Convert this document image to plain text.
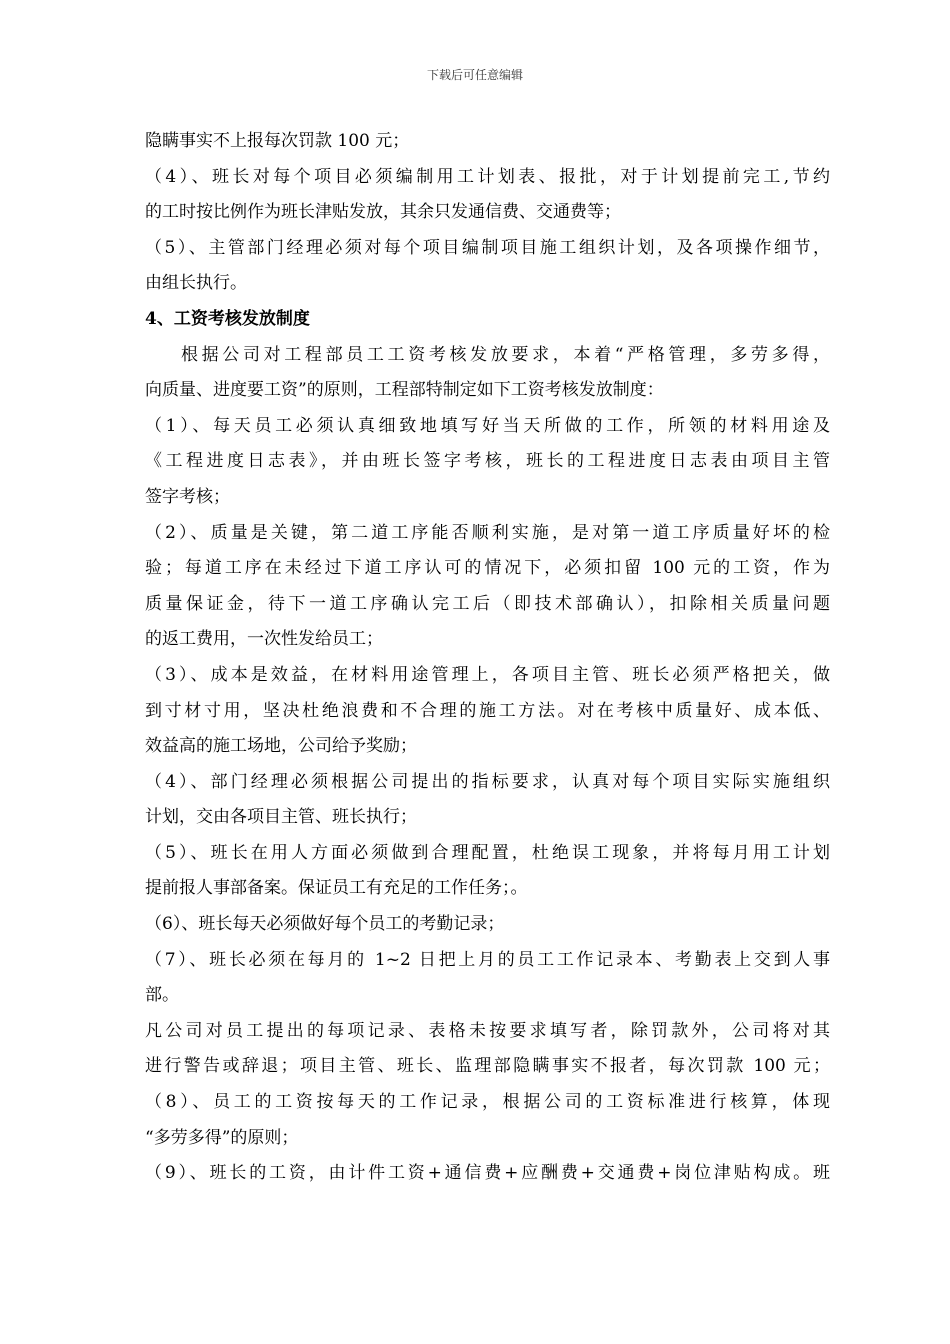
下载后可任意编辑
隐瞒事实不上报每次罚款 100 元；
（4）、班长对每个项目必须编制用工计划表、报批，对于计划提前完工,节约
的工时按比例作为班长津贴发放，其余只发通信费、交通费等；
（5）、主管部门经理必须对每个项目编制项目施工组织计划，及各项操作细节，
由组长执行。
4、工资考核发放制度
根据公司对工程部员工工资考核发放要求，本着“严格管理，多劳多得，
向质量、进度要工资”的原则，工程部特制定如下工资考核发放制度：
（1）、每天员工必须认真细致地填写好当天所做的工作，所领的材料用途及
《工程进度日志表》，并由班长签字考核，班长的工程进度日志表由项目主管
签字考核；
（2）、质量是关键，第二道工序能否顺利实施，是对第一道工序质量好坏的检
验；每道工序在未经过下道工序认可的情况下，必须扣留 100 元的工资，作为
质量保证金，待下一道工序确认完工后（即技术部确认），扣除相关质量问题
的返工费用，一次性发给员工；
（3）、成本是效益，在材料用途管理上，各项目主管、班长必须严格把关，做
到寸材寸用，坚决杜绝浪费和不合理的施工方法。对在考核中质量好、成本低、
效益高的施工场地，公司给予奖励；
（4）、部门经理必须根据公司提出的指标要求，认真对每个项目实际实施组织
计划，交由各项目主管、班长执行；
（5）、班长在用人方面必须做到合理配置，杜绝误工现象，并将每月用工计划
提前报人事部备案。保证员工有充足的工作任务；。
（6）、班长每天必须做好每个员工的考勤记录；
（7）、班长必须在每月的 1~2 日把上月的员工工作记录本、考勤表上交到人事
部。
凡公司对员工提出的每项记录、表格未按要求填写者，除罚款外，公司将对其
进行警告或辞退；项目主管、班长、监理部隐瞒事实不报者，每次罚款 100 元；
（8）、员工的工资按每天的工作记录，根据公司的工资标准进行核算，体现
“多劳多得”的原则；
（9）、班长的工资，由计件工资+通信费+应酬费+交通费+岗位津贴构成。班
